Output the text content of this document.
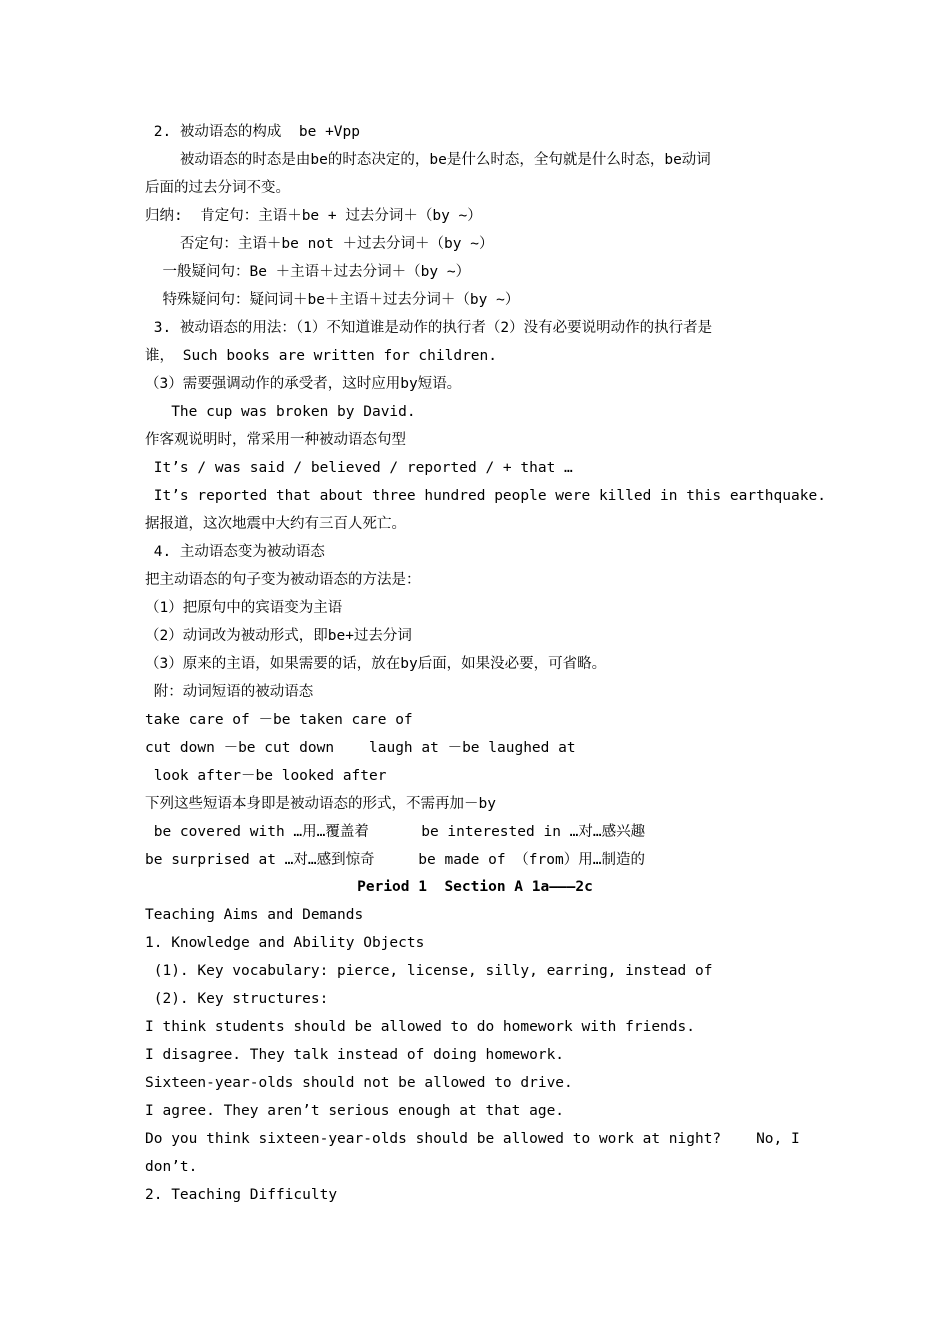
2. 被动语态的构成  be +Vpp
被动语态的时态是由be的时态决定的，be是什么时态，全句就是什么时态，be动词
后面的过去分词不变。
归纳:  肯定句：主语＋be + 过去分词＋（by ~）
否定句：主语＋be not ＋过去分词＋（by ~）
一般疑问句：Be ＋主语＋过去分词＋（by ~）
特殊疑问句：疑问词＋be＋主语＋过去分词＋（by ~）
3. 被动语态的用法：（1）不知道谁是动作的执行者（2）没有必要说明动作的执行者是
谁， Such books are written for children.
（3）需要强调动作的承受者，这时应用by短语。
The cup was broken by David.
作客观说明时，常采用一种被动语态句型
It’s / was said / believed / reported / + that …
It’s reported that about three hundred people were killed in this earthquake.
据报道，这次地震中大约有三百人死亡。
4. 主动语态变为被动语态
把主动语态的句子变为被动语态的方法是：
（1）把原句中的宾语变为主语
（2）动词改为被动形式，即be+过去分词
（3）原来的主语，如果需要的话，放在by后面，如果没必要，可省略。
附：动词短语的被动语态
take care of －be taken care of
cut down －be cut down    laugh at －be laughed at
look after－be looked after
下列这些短语本身即是被动语态的形式，不需再加－by
be covered with …用…覆盖着      be interested in …对…感兴趣
be surprised at …对…感到惊奇     be made of （from）用…制造的
Period 1  Section A 1a———2c
Teaching Aims and Demands
1. Knowledge and Ability Objects
(1). Key vocabulary: pierce, license, silly, earring, instead of
(2). Key structures:
I think students should be allowed to do homework with friends.
I disagree. They talk instead of doing homework.
Sixteen-year-olds should not be allowed to drive.
I agree. They aren’t serious enough at that age.
Do you think sixteen-year-olds should be allowed to work at night?    No, I
don’t.
2. Teaching Difficulty
